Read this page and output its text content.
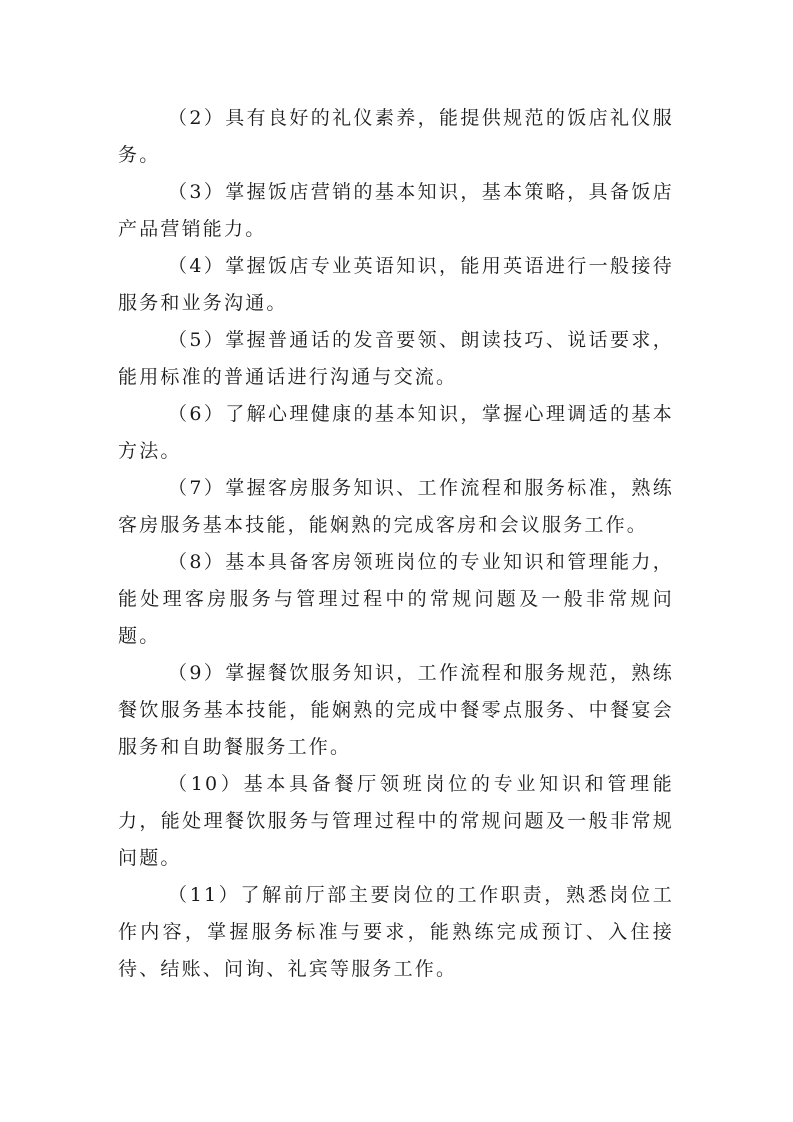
（2）具有良好的礼仪素养，能提供规范的饭店礼仪服务。

（3）掌握饭店营销的基本知识，基本策略，具备饭店产品营销能力。

（4）掌握饭店专业英语知识，能用英语进行一般接待服务和业务沟通。

（5）掌握普通话的发音要领、朗读技巧、说话要求，能用标准的普通话进行沟通与交流。

（6）了解心理健康的基本知识，掌握心理调适的基本方法。

（7）掌握客房服务知识、工作流程和服务标准，熟练客房服务基本技能，能娴熟的完成客房和会议服务工作。

（8）基本具备客房领班岗位的专业知识和管理能力，能处理客房服务与管理过程中的常规问题及一般非常规问题。

（9）掌握餐饮服务知识，工作流程和服务规范，熟练餐饮服务基本技能，能娴熟的完成中餐零点服务、中餐宴会服务和自助餐服务工作。

（10）基本具备餐厅领班岗位的专业知识和管理能力，能处理餐饮服务与管理过程中的常规问题及一般非常规问题。

（11）了解前厅部主要岗位的工作职责，熟悉岗位工作内容，掌握服务标准与要求，能熟练完成预订、入住接待、结账、问询、礼宾等服务工作。
